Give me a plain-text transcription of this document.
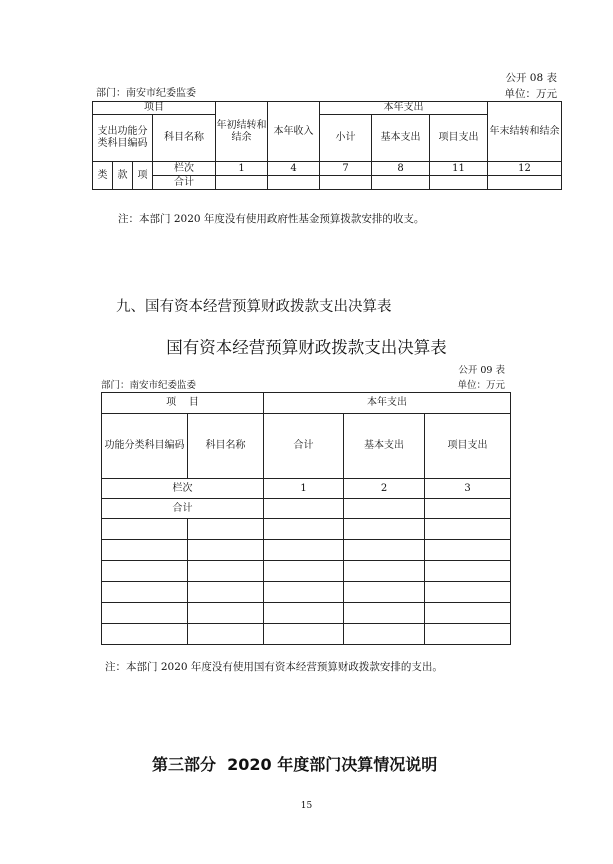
公开 08 表
部门：南安市纪委监委	单位：万元
项目				年初结转和结余	本年收入	本年支出			年末结转和结余
支出功能分类科目编码			科目名称			小计	基本支出	项目支出	
类	款	项	栏次	1	4	7	8	11	12
			合计						
注：本部门 2020 年度没有使用政府性基金预算拨款安排的收支。
九、国有资本经营预算财政拨款支出决算表
国有资本经营预算财政拨款支出决算表
公开 09 表
部门：南安市纪委监委	单位：万元
项    目		本年支出		
功能分类科目编码	科目名称	合计	基本支出	项目支出
栏次		1	2	3
合计				

注：本部门 2020 年度没有使用国有资本经营预算财政拨款安排的支出。
第三部分  2020 年度部门决算情况说明
15
